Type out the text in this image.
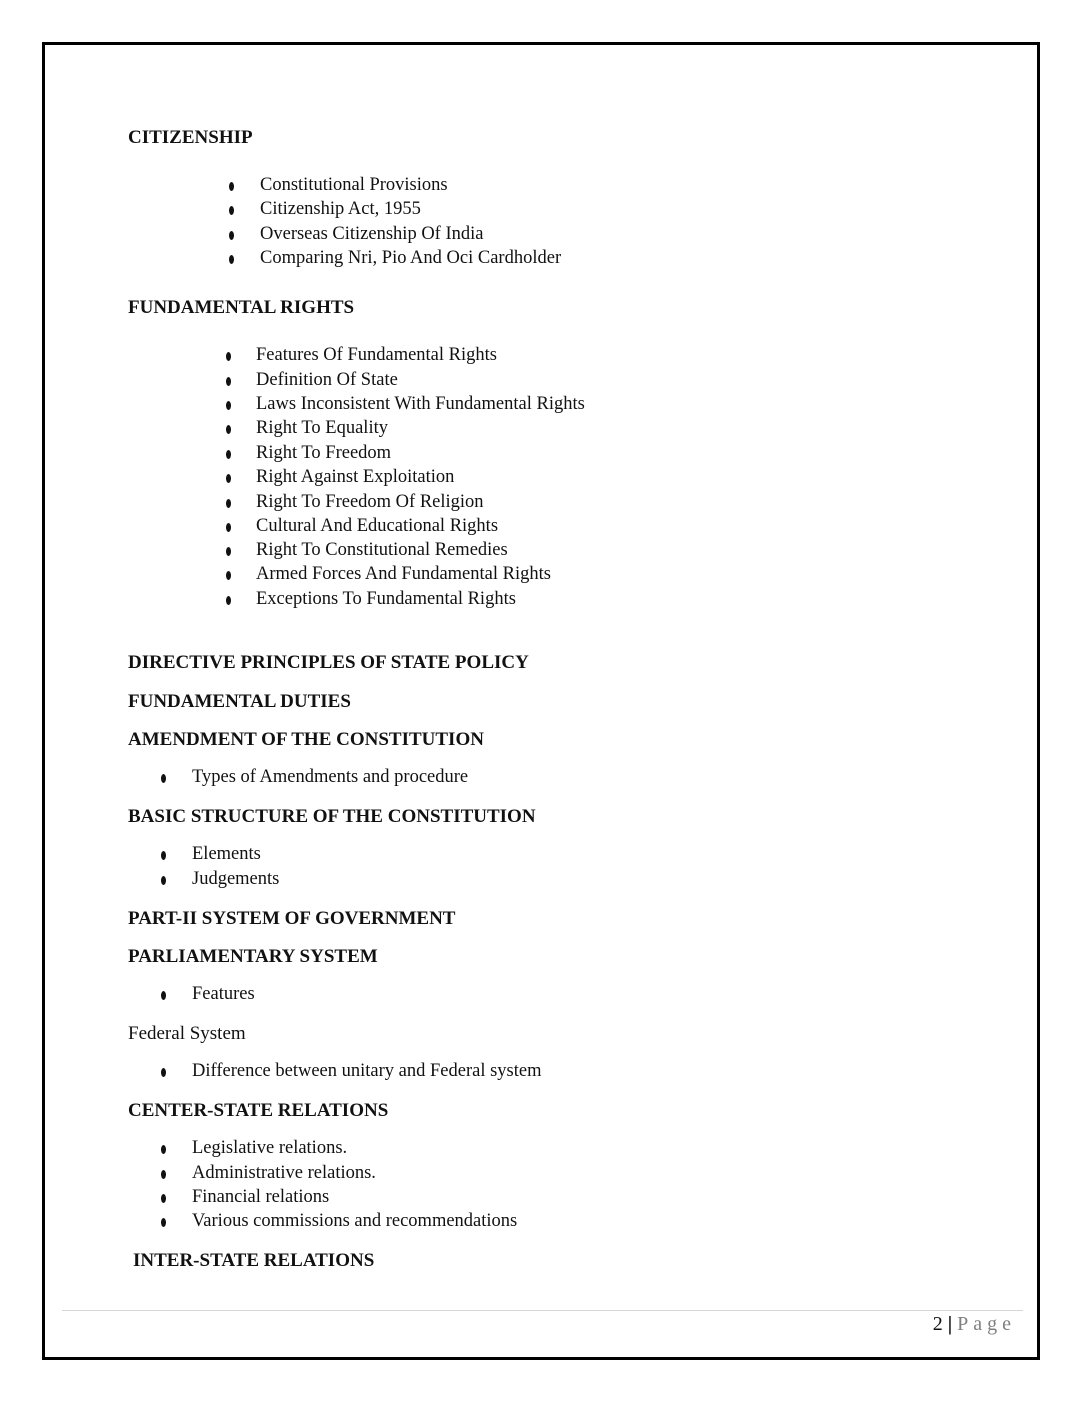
CITIZENSHIP
Constitutional Provisions
Citizenship Act, 1955
Overseas Citizenship Of India
Comparing Nri, Pio And Oci Cardholder
FUNDAMENTAL RIGHTS
Features Of Fundamental Rights
Definition Of State
Laws Inconsistent With Fundamental Rights
Right To Equality
Right To Freedom
Right Against Exploitation
Right To Freedom Of Religion
Cultural And Educational Rights
Right To Constitutional Remedies
Armed Forces And Fundamental Rights
Exceptions To Fundamental Rights
DIRECTIVE PRINCIPLES OF STATE POLICY
FUNDAMENTAL DUTIES
AMENDMENT OF THE CONSTITUTION
Types of Amendments and procedure
BASIC STRUCTURE OF THE CONSTITUTION
Elements
Judgements
PART-II SYSTEM OF GOVERNMENT
PARLIAMENTARY SYSTEM
Features
Federal System
Difference between unitary and Federal system
CENTER-STATE RELATIONS
Legislative relations.
Administrative relations.
Financial relations
Various commissions and recommendations
INTER-STATE RELATIONS
2 | Page
